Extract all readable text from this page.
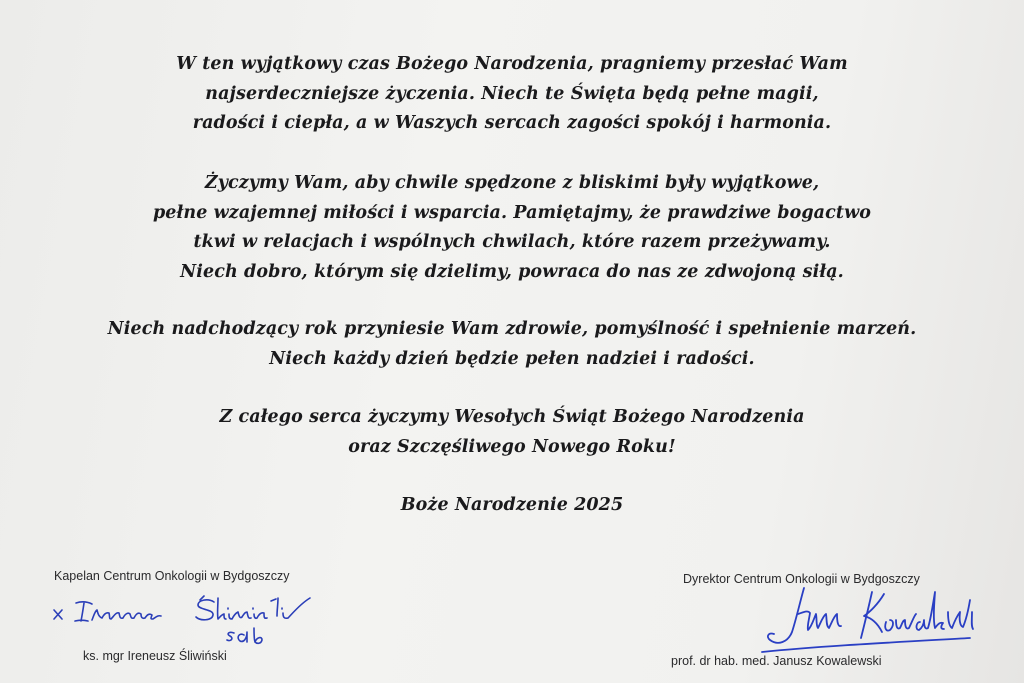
W ten wyjątkowy czas Bożego Narodzenia, pragniemy przesłać Wam
najserdeczniejsze życzenia. Niech te Święta będą pełne magii,
radości i ciepła, a w Waszych sercach zagości spokój i harmonia.
Życzymy Wam, aby chwile spędzone z bliskimi były wyjątkowe,
pełne wzajemnej miłości i wsparcia. Pamiętajmy, że prawdziwe bogactwo
tkwi w relacjach i wspólnych chwilach, które razem przeżywamy.
Niech dobro, którym się dzielimy, powraca do nas ze zdwojoną siłą.
Niech nadchodzący rok przyniesie Wam zdrowie, pomyślność i spełnienie marzeń.
Niech każdy dzień będzie pełen nadziei i radości.
Z całego serca życzymy Wesołych Świąt Bożego Narodzenia
oraz Szczęśliwego Nowego Roku!
Boże Narodzenie 2025
Kapelan Centrum Onkologii w Bydgoszczy
ks. mgr Ireneusz Śliwiński
Dyrektor Centrum Onkologii w Bydgoszczy
prof. dr hab. med. Janusz Kowalewski
